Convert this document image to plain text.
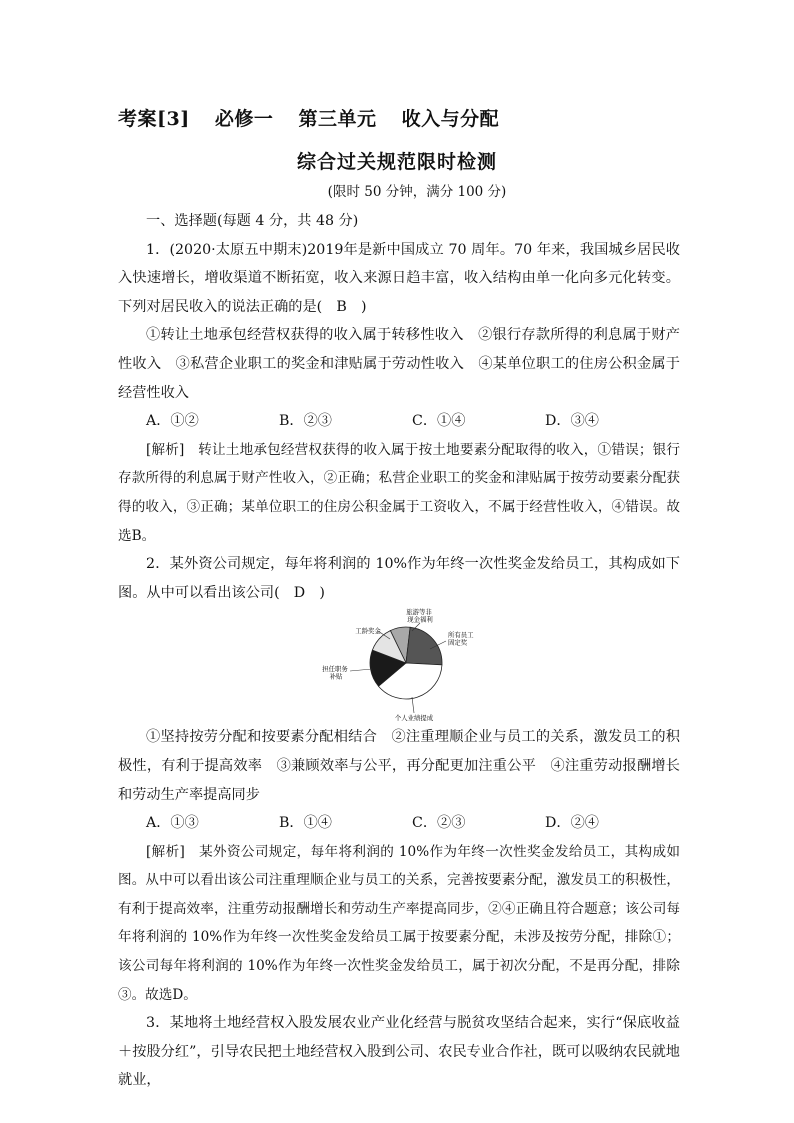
考案[3] 必修一 第三单元 收入与分配
综合过关规范限时检测
(限时 50 分钟，满分 100 分)

一、选择题(每题 4 分，共 48 分)

1．(2020·太原五中期末)2019年是新中国成立 70 周年。70 年来，我国城乡居民收入快速增长，增收渠道不断拓宽，收入来源日趋丰富，收入结构由单一化向多元化转变。下列对居民收入的说法正确的是(　B　)

①转让土地承包经营权获得的收入属于转移性收入　②银行存款所得的利息属于财产性收入　③私营企业职工的奖金和津贴属于劳动性收入　④某单位职工的住房公积金属于经营性收入

A．①②	B．②③	C．①④	D．③④

[解析]　转让土地承包经营权获得的收入属于按土地要素分配取得的收入，①错误；银行存款所得的利息属于财产性收入，②正确；私营企业职工的奖金和津贴属于按劳动要素分配获得的收入，③正确；某单位职工的住房公积金属于工资收入，不属于经营性收入，④错误。故选B。

2．某外资公司规定，每年将利润的 10%作为年终一次性奖金发给员工，其构成如下图。从中可以看出该公司(　D　)

旅游等非 现金福利
所有员工 固定奖
个人业绩提成
担任职务 补贴
工龄奖金

①坚持按劳分配和按要素分配相结合　②注重理顺企业与员工的关系，激发员工的积极性，有利于提高效率　③兼顾效率与公平，再分配更加注重公平　④注重劳动报酬增长和劳动生产率提高同步

A．①③	B．①④	C．②③	D．②④

[解析]　某外资公司规定，每年将利润的 10%作为年终一次性奖金发给员工，其构成如图。从中可以看出该公司注重理顺企业与员工的关系，完善按要素分配，激发员工的积极性，有利于提高效率，注重劳动报酬增长和劳动生产率提高同步，②④正确且符合题意；该公司每年将利润的 10%作为年终一次性奖金发给员工属于按要素分配，未涉及按劳分配，排除①；该公司每年将利润的 10%作为年终一次性奖金发给员工，属于初次分配，不是再分配，排除③。故选D。

3．某地将土地经营权入股发展农业产业化经营与脱贫攻坚结合起来，实行“保底收益＋按股分红”，引导农民把土地经营权入股到公司、农民专业合作社，既可以吸纳农民就地就业，
